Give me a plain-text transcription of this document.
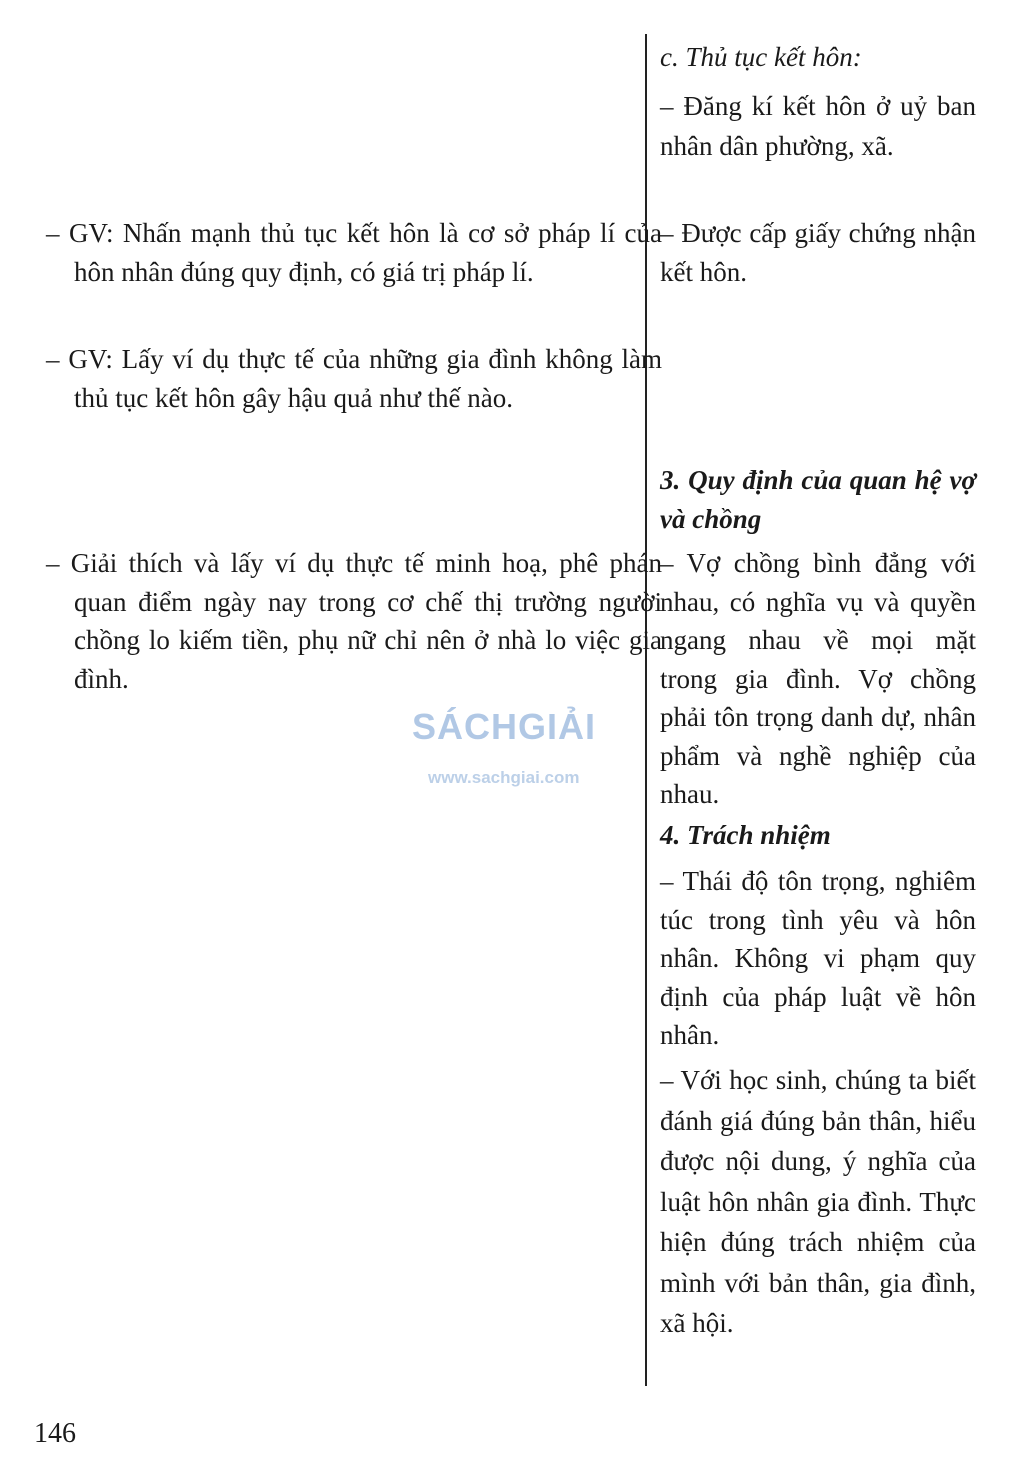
– GV: Nhấn mạnh thủ tục kết hôn là cơ sở pháp lí của hôn nhân đúng quy định, có giá trị pháp lí.
– GV: Lấy ví dụ thực tế của những gia đình không làm thủ tục kết hôn gây hậu quả như thế nào.
– Giải thích và lấy ví dụ thực tế minh hoạ, phê phán quan điểm ngày nay trong cơ chế thị trường người chồng lo kiếm tiền, phụ nữ chỉ nên ở nhà lo việc gia đình.
c. Thủ tục kết hôn:
– Đăng kí kết hôn ở uỷ ban nhân dân phường, xã.
– Được cấp giấy chứng nhận kết hôn.
3. Quy định của quan hệ vợ và chồng
– Vợ chồng bình đẳng với nhau, có nghĩa vụ và quyền ngang nhau về mọi mặt trong gia đình. Vợ chồng phải tôn trọng danh dự, nhân phẩm và nghề nghiệp của nhau.
4. Trách nhiệm
– Thái độ tôn trọng, nghiêm túc trong tình yêu và hôn nhân. Không vi phạm quy định của pháp luật về hôn nhân.
– Với học sinh, chúng ta biết đánh giá đúng bản thân, hiểu được nội dung, ý nghĩa của luật hôn nhân gia đình. Thực hiện đúng trách nhiệm của mình với bản thân, gia đình, xã hội.
SÁCHGIẢI
www.sachgiai.com
146
